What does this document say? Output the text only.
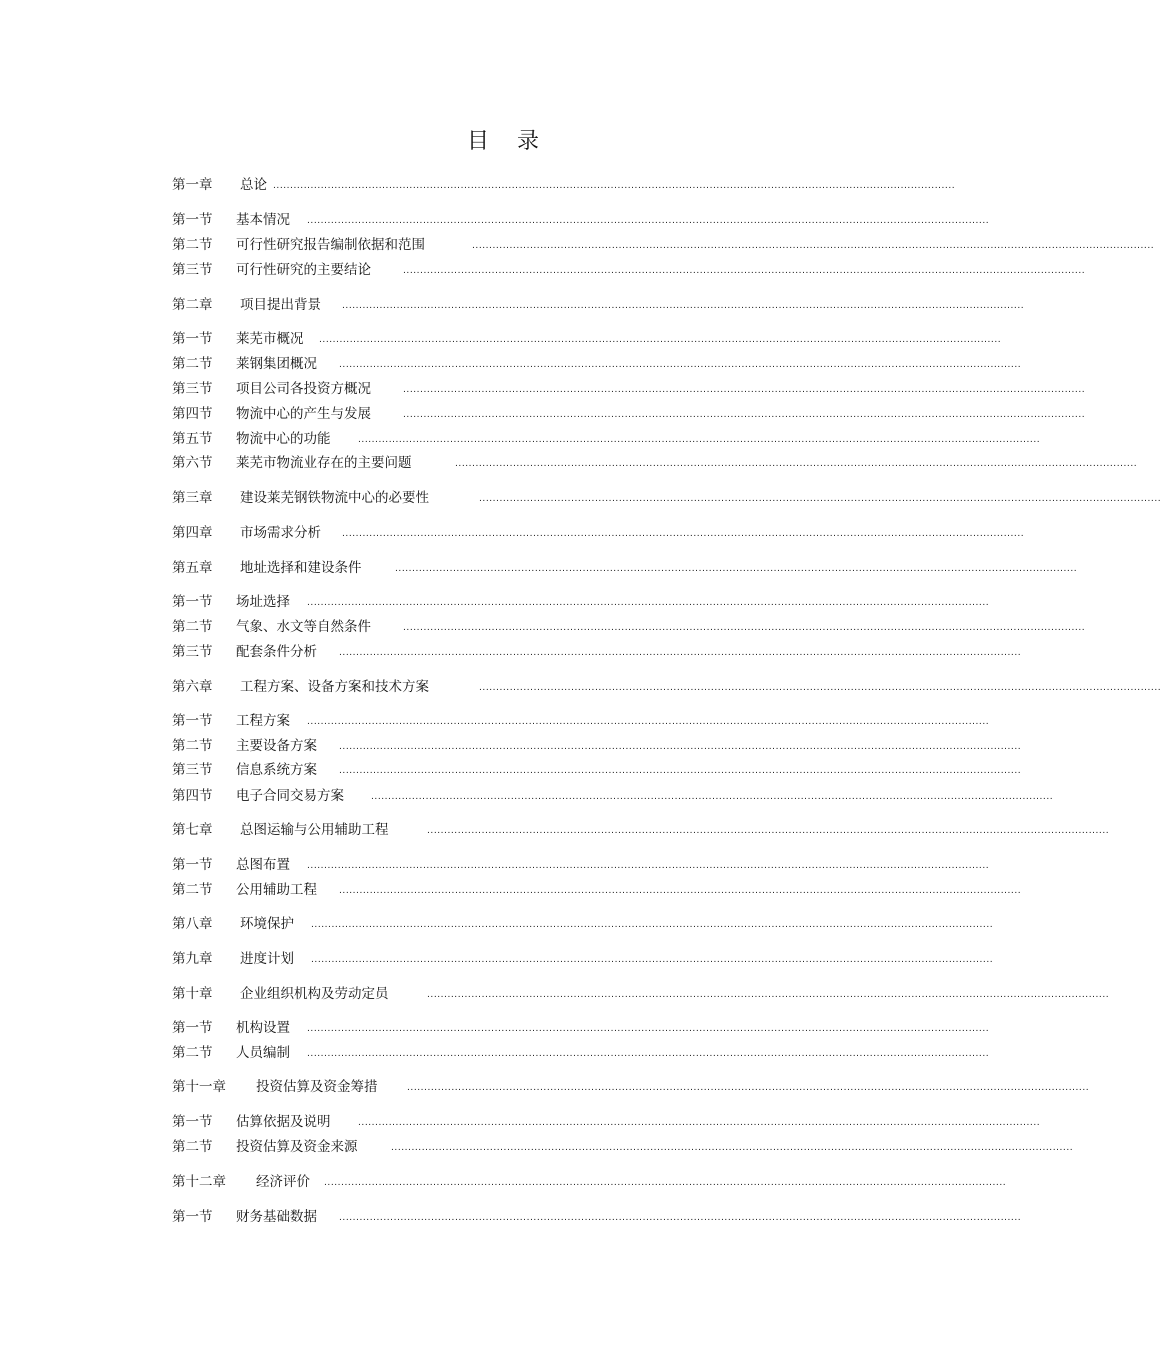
目    录
第一章 总论 ........................................................................................................................................................................................................
第一节 基本情况 ........................................................................................................................................................................................................
第二节 可行性研究报告编制依据和范围	........................................................................................................................................................................................................
第三节 可行性研究的主要结论	........................................................................................................................................................................................................
第二章 项目提出背景 ........................................................................................................................................................................................................
第一节 莱芜市概况 ........................................................................................................................................................................................................
第二节 莱钢集团概况 ........................................................................................................................................................................................................
第三节 项目公司各投资方概况	........................................................................................................................................................................................................
第四节 物流中心的产生与发展	........................................................................................................................................................................................................
第五节 物流中心的功能	........................................................................................................................................................................................................
第六节 莱芜市物流业存在的主要问题	........................................................................................................................................................................................................
第三章 建设莱芜钢铁物流中心的必要性	........................................................................................................................................................................................................
第四章 市场需求分析 ........................................................................................................................................................................................................
第五章 地址选择和建设条件	........................................................................................................................................................................................................
第一节 场址选择 ........................................................................................................................................................................................................
第二节 气象、水文等自然条件	........................................................................................................................................................................................................
第三节 配套条件分析 ........................................................................................................................................................................................................
第六章 工程方案、设备方案和技术方案	........................................................................................................................................................................................................
第一节 工程方案 ........................................................................................................................................................................................................
第二节 主要设备方案 ........................................................................................................................................................................................................
第三节 信息系统方案 ........................................................................................................................................................................................................
第四节 电子合同交易方案	........................................................................................................................................................................................................
第七章 总图运输与公用辅助工程	........................................................................................................................................................................................................
第一节 总图布置 ........................................................................................................................................................................................................
第二节 公用辅助工程 ........................................................................................................................................................................................................
第八章 环境保护 ........................................................................................................................................................................................................
第九章 进度计划 ........................................................................................................................................................................................................
第十章 企业组织机构及劳动定员	........................................................................................................................................................................................................
第一节 机构设置 ........................................................................................................................................................................................................
第二节 人员编制 ........................................................................................................................................................................................................
第十一章 投资估算及资金筹措	........................................................................................................................................................................................................
第一节 估算依据及说明	........................................................................................................................................................................................................
第二节 投资估算及资金来源	........................................................................................................................................................................................................
第十二章 经济评价 ........................................................................................................................................................................................................
第一节 财务基础数据 ........................................................................................................................................................................................................
